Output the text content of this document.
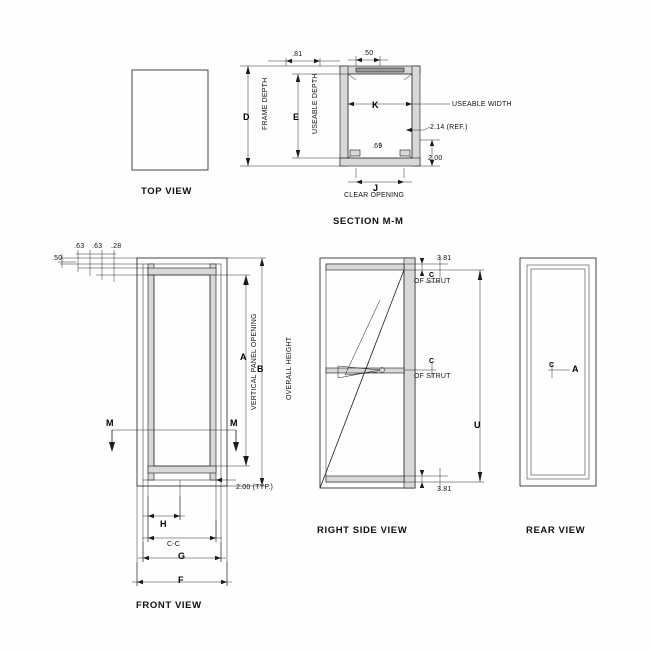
TOP VIEW
SECTION M-M
.81	.50
FRAME DEPTH	USEABLE DEPTH
D	E
K
J
USEABLE WIDTH
2.14 (REF.)
2.00
.69
CLEAR OPENING
FRONT VIEW
.50
.63 .63 .28
VERTICAL PANEL OPENING	OVERALL HEIGHT
A
B
2.00 (TYP.)
M	M
H
C-C
G
F
RIGHT SIDE VIEW
3.81
OF STRUT
C
OF STRUT
C
3.81
U
REAR VIEW
C A
